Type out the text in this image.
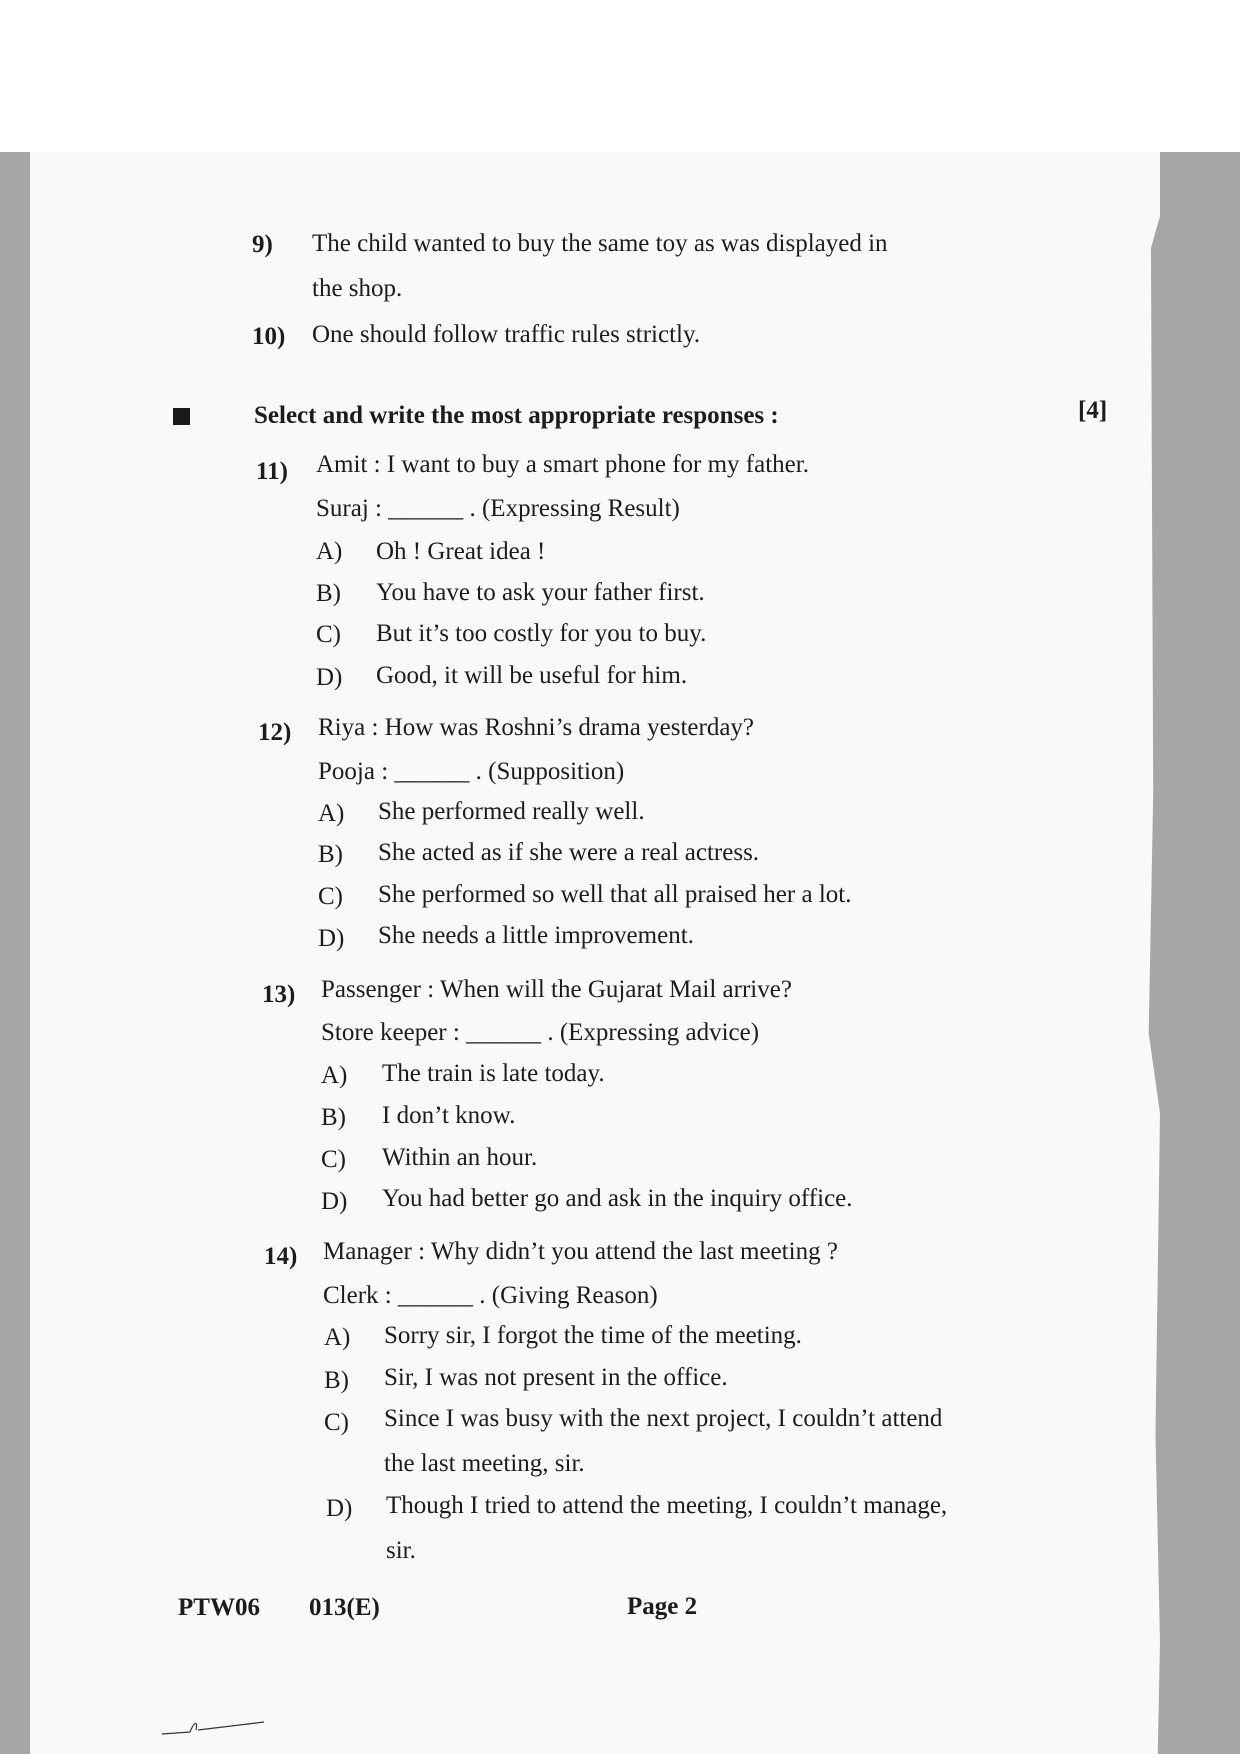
9) The child wanted to buy the same toy as was displayed in
the shop.
10) One should follow traffic rules strictly.
Select and write the most appropriate responses :	[4]
11) Amit : I want to buy a smart phone for my father.
Suraj : ______ . (Expressing Result)
A) Oh ! Great idea !
B) You have to ask your father first.
C) But it’s too costly for you to buy.
D) Good, it will be useful for him.
12) Riya : How was Roshni’s drama yesterday?
Pooja : ______ . (Supposition)
A) She performed really well.
B) She acted as if she were a real actress.
C) She performed so well that all praised her a lot.
D) She needs a little improvement.
13) Passenger : When will the Gujarat Mail arrive?
Store keeper : ______ . (Expressing advice)
A) The train is late today.
B) I don’t know.
C) Within an hour.
D) You had better go and ask in the inquiry office.
14) Manager : Why didn’t you attend the last meeting ?
Clerk : ______ . (Giving Reason)
A) Sorry sir, I forgot the time of the meeting.
B) Sir, I was not present in the office.
C) Since I was busy with the next project, I couldn’t attend
the last meeting, sir.
D) Though I tried to attend the meeting, I couldn’t manage,
sir.
PTW06 013(E)	Page 2
